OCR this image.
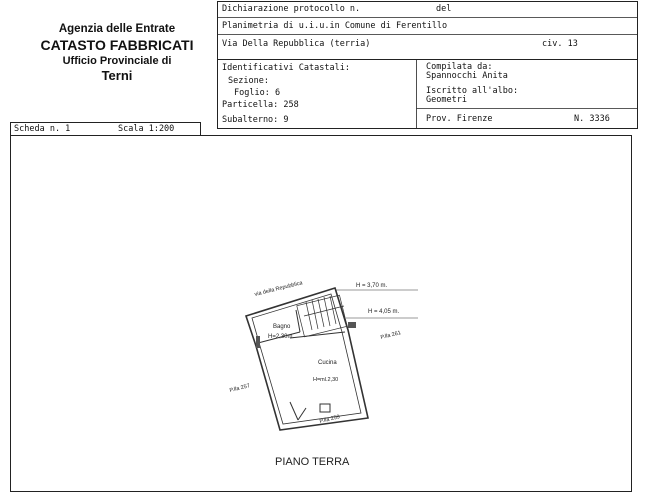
Agenzia delle Entrate
CATASTO FABBRICATI
Ufficio Provinciale di
Terni
via della Repubblica	H = 3,70 m.
H = 4,05 m.
Bagno
H=2,30m.
Cucina
H=ml.2,30
P.lla 257
P.lla 259
P.lla 261
PIANO TERRA
Dichiarazione protocollo n.	del
Planimetria di u.i.u.in Comune di Ferentillo
Via Della Repubblica (terria)	civ. 13
Identificativi Catastali:
Sezione:
Foglio: 6
Particella: 258
Subalterno: 9
Compilata da:
Spannocchi Anita
Iscritto all'albo:
Geometri
Prov. Firenze	N. 3336
Scheda n. 1	Scala 1:200
